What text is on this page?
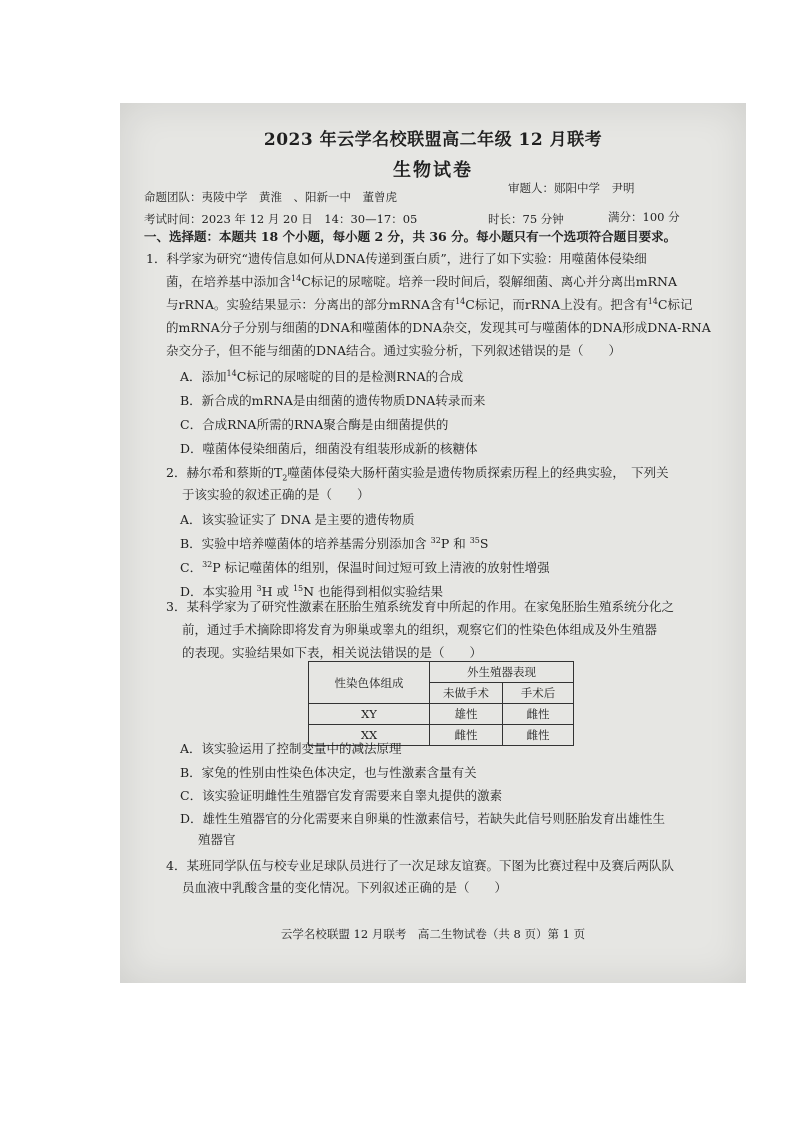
2023 年云学名校联盟高二年级 12 月联考
生物试卷
命题团队：夷陵中学　黄淮　、阳新一中　董曾虎
审题人：郧阳中学　尹明
考试时间：2023 年 12 月 20 日　14：30—17：05	时长：75 分钟	满分：100 分
一、选择题：本题共 18 个小题，每小题 2 分，共 36 分。每小题只有一个选项符合题目要求。
1．科学家为研究“遗传信息如何从DNA传递到蛋白质”，进行了如下实验：用噬菌体侵染细
菌，在培养基中添加含$^{14}$C标记的尿嘧啶。培养一段时间后，裂解细菌、离心并分离出mRNA
与rRNA。实验结果显示：分离出的部分mRNA含有$^{14}$C标记，而rRNA上没有。把含有$^{14}$C标记
的mRNA分子分别与细菌的DNA和噬菌体的DNA杂交，发现其可与噬菌体的DNA形成DNA-RNA
杂交分子，但不能与细菌的DNA结合。通过实验分析，下列叙述错误的是（　　）
A．添加$^{14}$C标记的尿嘧啶的目的是检测RNA的合成
B．新合成的mRNA是由细菌的遗传物质DNA转录而来
C．合成RNA所需的RNA聚合酶是由细菌提供的
D．噬菌体侵染细菌后，细菌没有组装形成新的核糖体
2．赫尔希和蔡斯的$T_2$噬菌体侵染大肠杆菌实验是遗传物质探索历程上的经典实验，　下列关
于该实验的叙述正确的是（　　）
A．该实验证实了 DNA 是主要的遗传物质
B．实验中培养噬菌体的培养基需分别添加含 $^{32}$P 和 $^{35}$S
C．$^{32}$P 标记噬菌体的组别，保温时间过短可致上清液的放射性增强
D．本实验用 $^3$H 或 $^{15}$N 也能得到相似实验结果
3．某科学家为了研究性激素在胚胎生殖系统发育中所起的作用。在家兔胚胎生殖系统分化之
前，通过手术摘除即将发育为卵巢或睾丸的组织，观察它们的性染色体组成及外生殖器
的表现。实验结果如下表，相关说法错误的是（　　）
性染色体组成	外生殖器表现	
	未做手术	手术后
XY	雄性	雌性
XX	雌性	雌性
A．该实验运用了控制变量中的减法原理
B．家兔的性别由性染色体决定，也与性激素含量有关
C．该实验证明雌性生殖器官发育需要来自睾丸提供的激素
D．雄性生殖器官的分化需要来自卵巢的性激素信号，若缺失此信号则胚胎发育出雄性生
殖器官
4．某班同学队伍与校专业足球队员进行了一次足球友谊赛。下图为比赛过程中及赛后两队队
员血液中乳酸含量的变化情况。下列叙述正确的是（　　）
云学名校联盟 12 月联考　高二生物试卷（共 8 页）第 1 页
